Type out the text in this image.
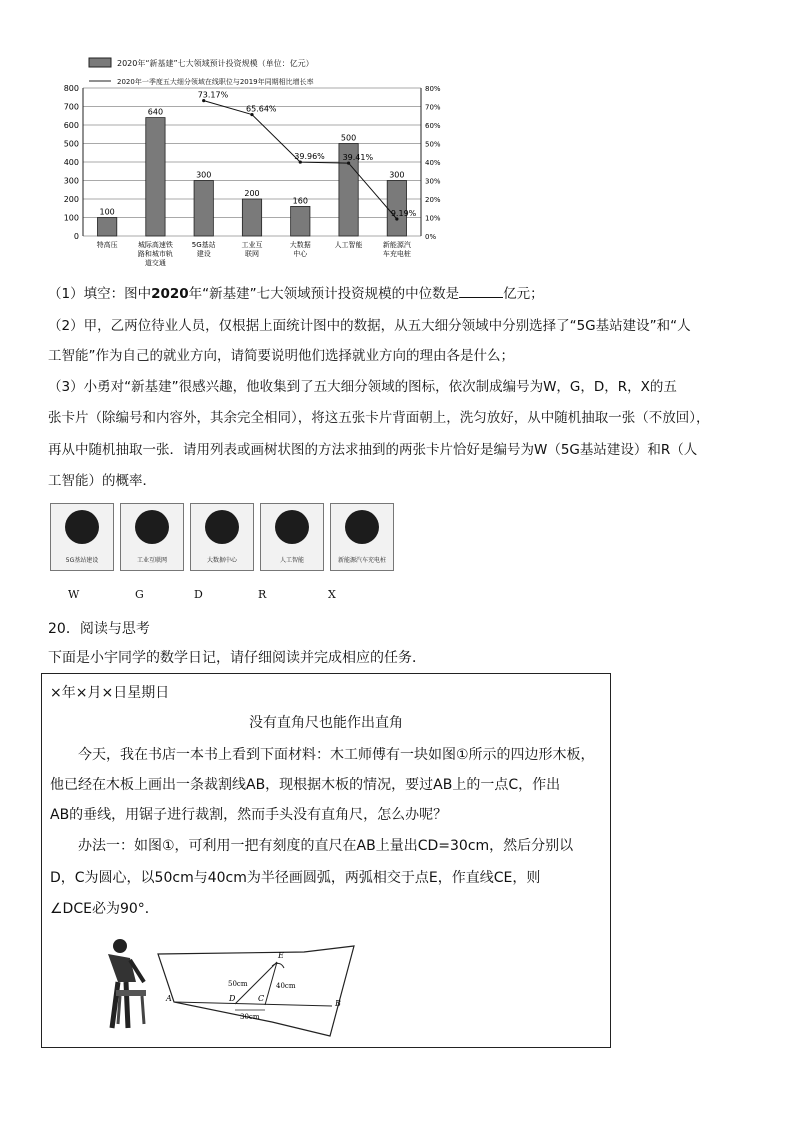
2020年“新基建”七大领域预计投资规模（单位：亿元）
2020年一季度五大细分领域在线职位与2019年同期相比增长率
0
100
200
300
400
500
600
700
800
0%
10%
20%
30%
40%
50%
60%
70%
80%
100
特高压
640
城际高速铁路和城市轨道交通
300
5G基站建设
200
工业互联网
160
大数据中心
500
人工智能
300
新能源汽车充电桩
73.17%
65.64%
39.96% 39.41%
9.19%
（1）填空：图中2020年“新基建”七大领域预计投资规模的中位数是	亿元；
（2）甲，乙两位待业人员，仅根据上面统计图中的数据，从五大细分领域中分别选择了“5G基站建设”和“人
工智能”作为自己的就业方向，请简要说明他们选择就业方向的理由各是什么；
（3）小勇对“新基建”很感兴趣，他收集到了五大细分领域的图标，依次制成编号为W，G，D，R，X的五
张卡片（除编号和内容外，其余完全相同），将这五张卡片背面朝上，洗匀放好，从中随机抽取一张（不放回），
再从中随机抽取一张．请用列表或画树状图的方法求抽到的两张卡片恰好是编号为W（5G基站建设）和R（人
工智能）的概率．
5G基站建设	工业互联网	大数据中心	人工智能	新能源汽车充电桩
W	G	D	R	X
20．阅读与思考
下面是小宇同学的数学日记，请仔细阅读并完成相应的任务．
×年×月×日星期日
没有直角尺也能作出直角
今天，我在书店一本书上看到下面材料：木工师傅有一块如图①所示的四边形木板，
他已经在木板上画出一条裁割线AB，现根据木板的情况，要过AB上的一点C，作出
AB的垂线，用锯子进行裁割，然而手头没有直角尺，怎么办呢？
办法一：如图①，可利用一把有刻度的直尺在AB上量出CD=30cm，然后分别以
D，C为圆心，以50cm与40cm为半径画圆弧，两弧相交于点E，作直线CE，则
∠DCE必为90°．
A	D	C
E
B
50cm	40cm
30cm
